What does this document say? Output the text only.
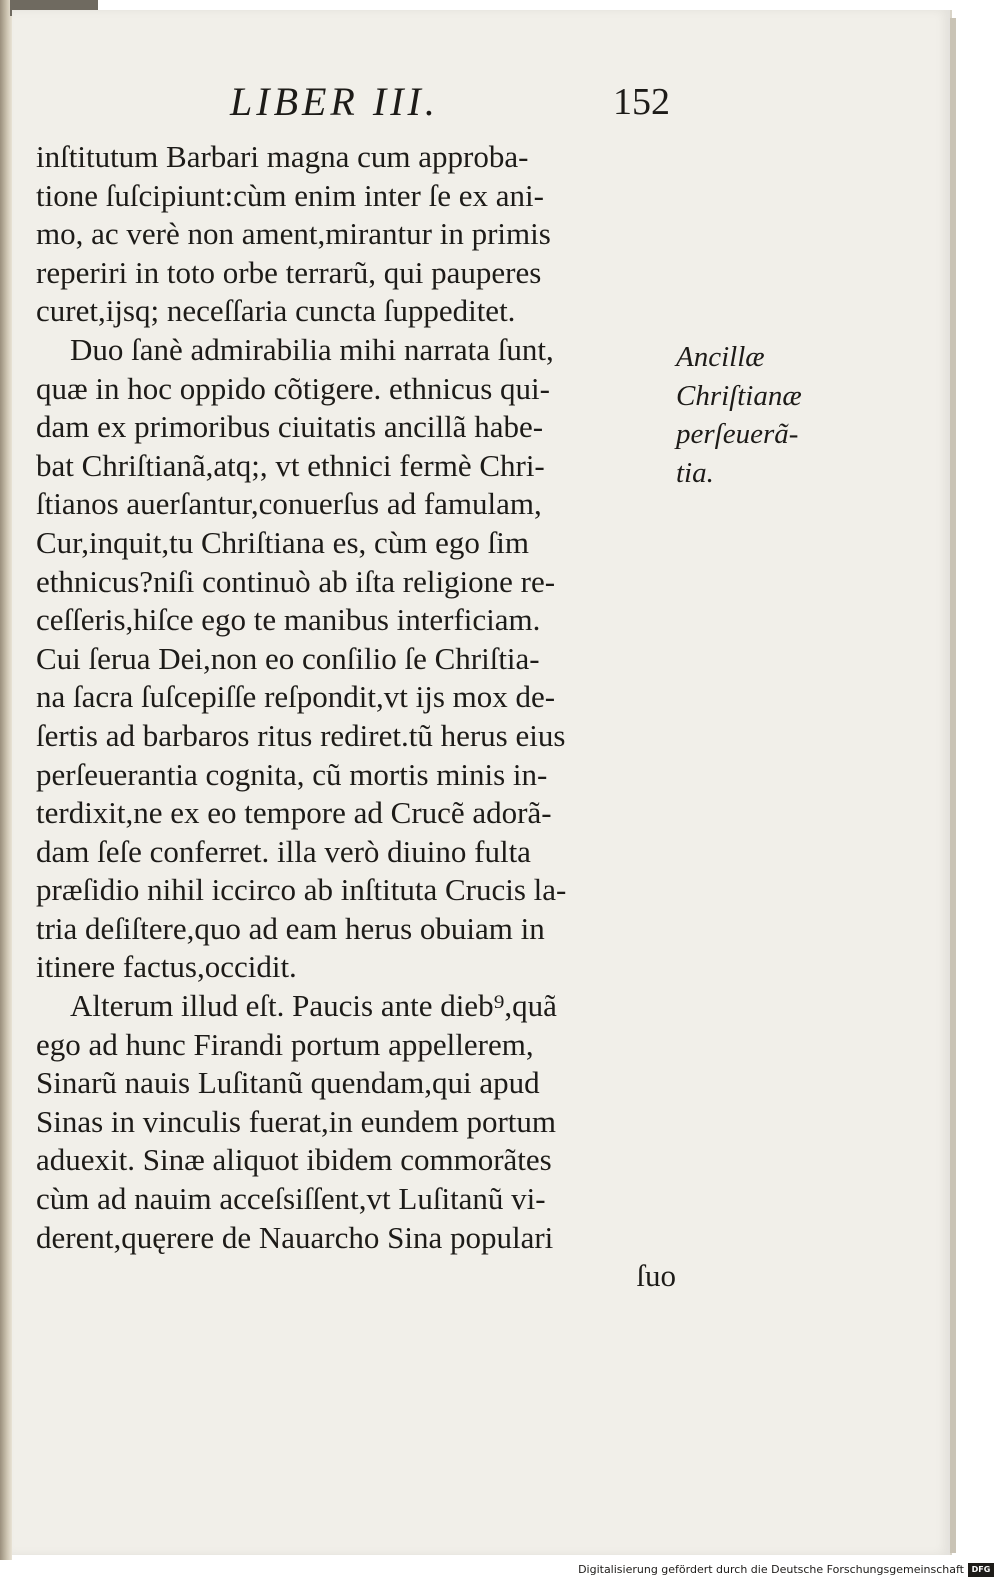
LIBER III.	152
inſtitutum Barbari magna cum approba-
tione ſuſcipiunt:cùm enim inter ſe ex ani-
mo, ac verè non ament,mirantur in primis
reperiri in toto orbe terrarũ, qui pauperes
curet,ijsq; neceſſaria cuncta ſuppeditet.
Duo ſanè admirabilia mihi narrata ſunt,
quæ in hoc oppido cõtigere. ethnicus qui-
dam ex primoribus ciuitatis ancillã habe-
bat Chriſtianã,atq;, vt ethnici fermè Chri-
ſtianos auerſantur,conuerſus ad famulam,
Cur,inquit,tu Chriſtiana es, cùm ego ſim
ethnicus?niſi continuò ab iſta religione re-
ceſſeris,hiſce ego te manibus interficiam.
Cui ſerua Dei,non eo conſilio ſe Chriſtia-
na ſacra ſuſcepiſſe reſpondit,vt ijs mox de-
ſertis ad barbaros ritus rediret.tũ herus eius
perſeuerantia cognita, cũ mortis minis in-
terdixit,ne ex eo tempore ad Crucẽ adorã-
dam ſeſe conferret. illa verò diuino fulta
præſidio nihil iccirco ab inſtituta Crucis la-
tria deſiſtere,quo ad eam herus obuiam in
itinere factus,occidit.
Alterum illud eſt. Paucis ante dieb⁹,quã
ego ad hunc Firandi portum appellerem,
Sinarũ nauis Luſitanũ quendam,qui apud
Sinas in vinculis fuerat,in eundem portum
aduexit. Sinæ aliquot ibidem commorãtes
cùm ad nauim acceſsiſſent,vt Luſitanũ vi-
derent,quęrere de Nauarcho Sina populari
ſuo
Ancillæ
Chriſtianæ
perſeuerã-
tia.
Digitalisierung gefördert durch die Deutsche Forschungsgemeinschaft DFG
